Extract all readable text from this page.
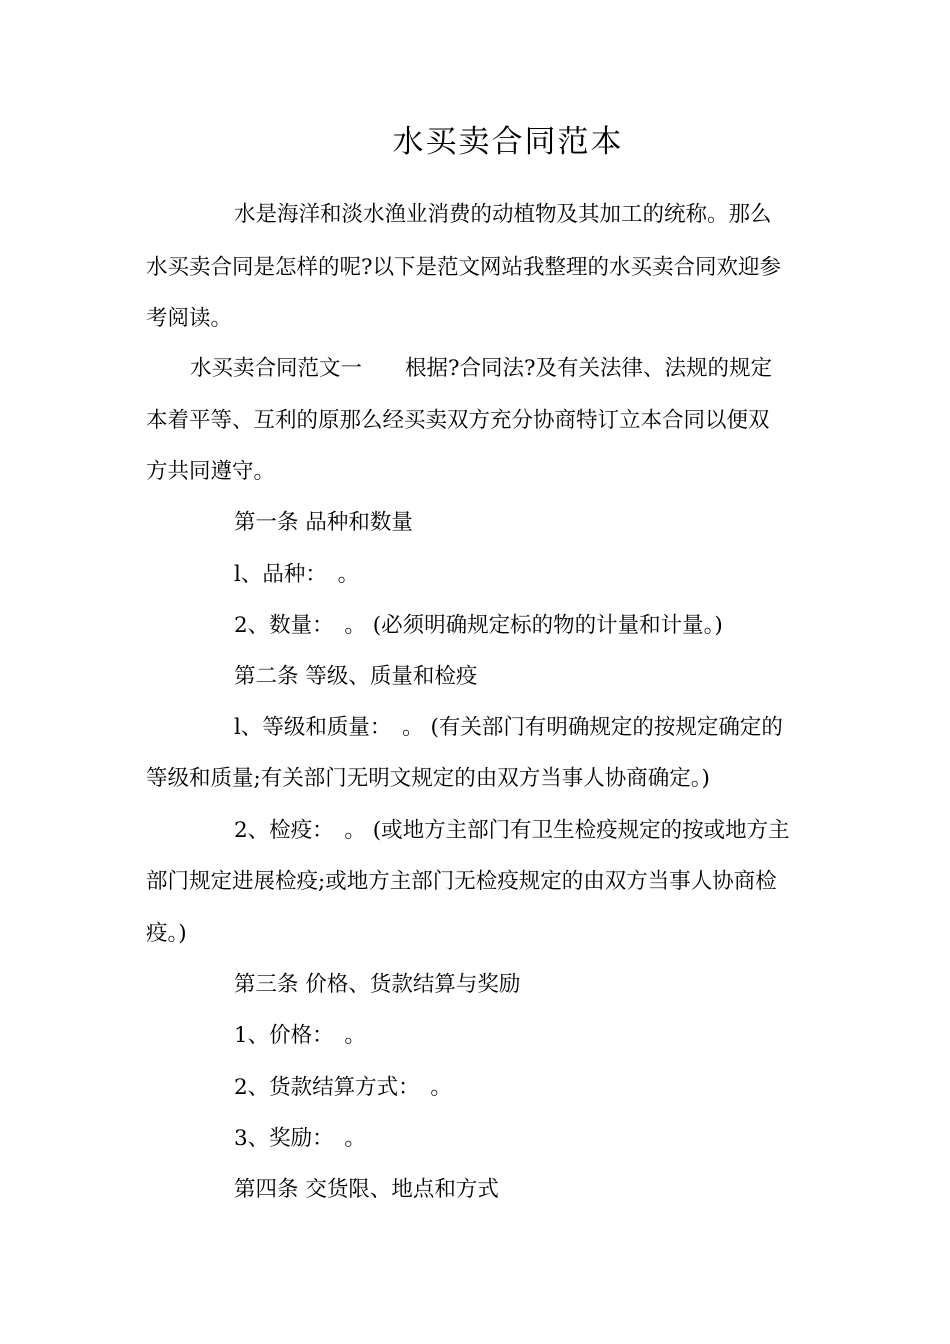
水买卖合同范本
水是海洋和淡水渔业消费的动植物及其加工的统称。那么
水买卖合同是怎样的呢?以下是范文网站我整理的水买卖合同欢迎参
考阅读。
水买卖合同范文一　　根据?合同法?及有关法律、法规的规定
本着平等、互利的原那么经买卖双方充分协商特订立本合同以便双
方共同遵守。
第一条 品种和数量
l、品种：　。
2、数量：　。 (必须明确规定标的物的计量和计量。)
第二条 等级、质量和检疫
l、等级和质量：　。 (有关部门有明确规定的按规定确定的
等级和质量;有关部门无明文规定的由双方当事人协商确定。)
2、检疫：　。 (或地方主部门有卫生检疫规定的按或地方主
部门规定进展检疫;或地方主部门无检疫规定的由双方当事人协商检
疫。)
第三条 价格、货款结算与奖励
1、价格：　。
2、货款结算方式：　。
3、奖励：　。
第四条 交货限、地点和方式
